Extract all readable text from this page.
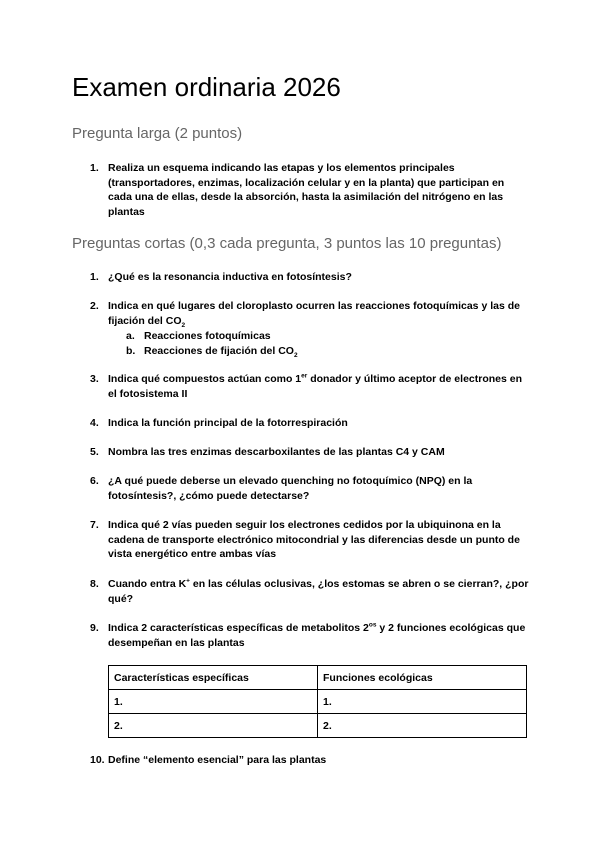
Examen ordinaria 2026
Pregunta larga (2 puntos)
1. Realiza un esquema indicando las etapas y los elementos principales (transportadores, enzimas, localización celular y en la planta) que participan en cada una de ellas, desde la absorción, hasta la asimilación del nitrógeno en las plantas
Preguntas cortas (0,3 cada pregunta, 3 puntos las 10 preguntas)
1. ¿Qué es la resonancia inductiva en fotosíntesis?
2. Indica en qué lugares del cloroplasto ocurren las reacciones fotoquímicas y las de fijación del $CO_2$
a. Reacciones fotoquímicas
b. Reacciones de fijación del $CO_2$
3. Indica qué compuestos actúan como 1er donador y último aceptor de electrones en el fotosistema II
4. Indica la función principal de la fotorrespiración
5. Nombra las tres enzimas descarboxilantes de las plantas C4 y CAM
6. ¿A qué puede deberse un elevado quenching no fotoquímico (NPQ) en la fotosíntesis?, ¿cómo puede detectarse?
7. Indica qué 2 vías pueden seguir los electrones cedidos por la ubiquinona en la cadena de transporte electrónico mitocondrial y las diferencias desde un punto de vista energético entre ambas vías
8. Cuando entra K+ en las células oclusivas, ¿los estomas se abren o se cierran?, ¿por qué?
9. Indica 2 características específicas de metabolitos $2^{os}$ y 2 funciones ecológicas que desempeñan en las plantas
Características específicas	Funciones ecológicas
1.	1.
2.	2.
10. Define “elemento esencial” para las plantas
